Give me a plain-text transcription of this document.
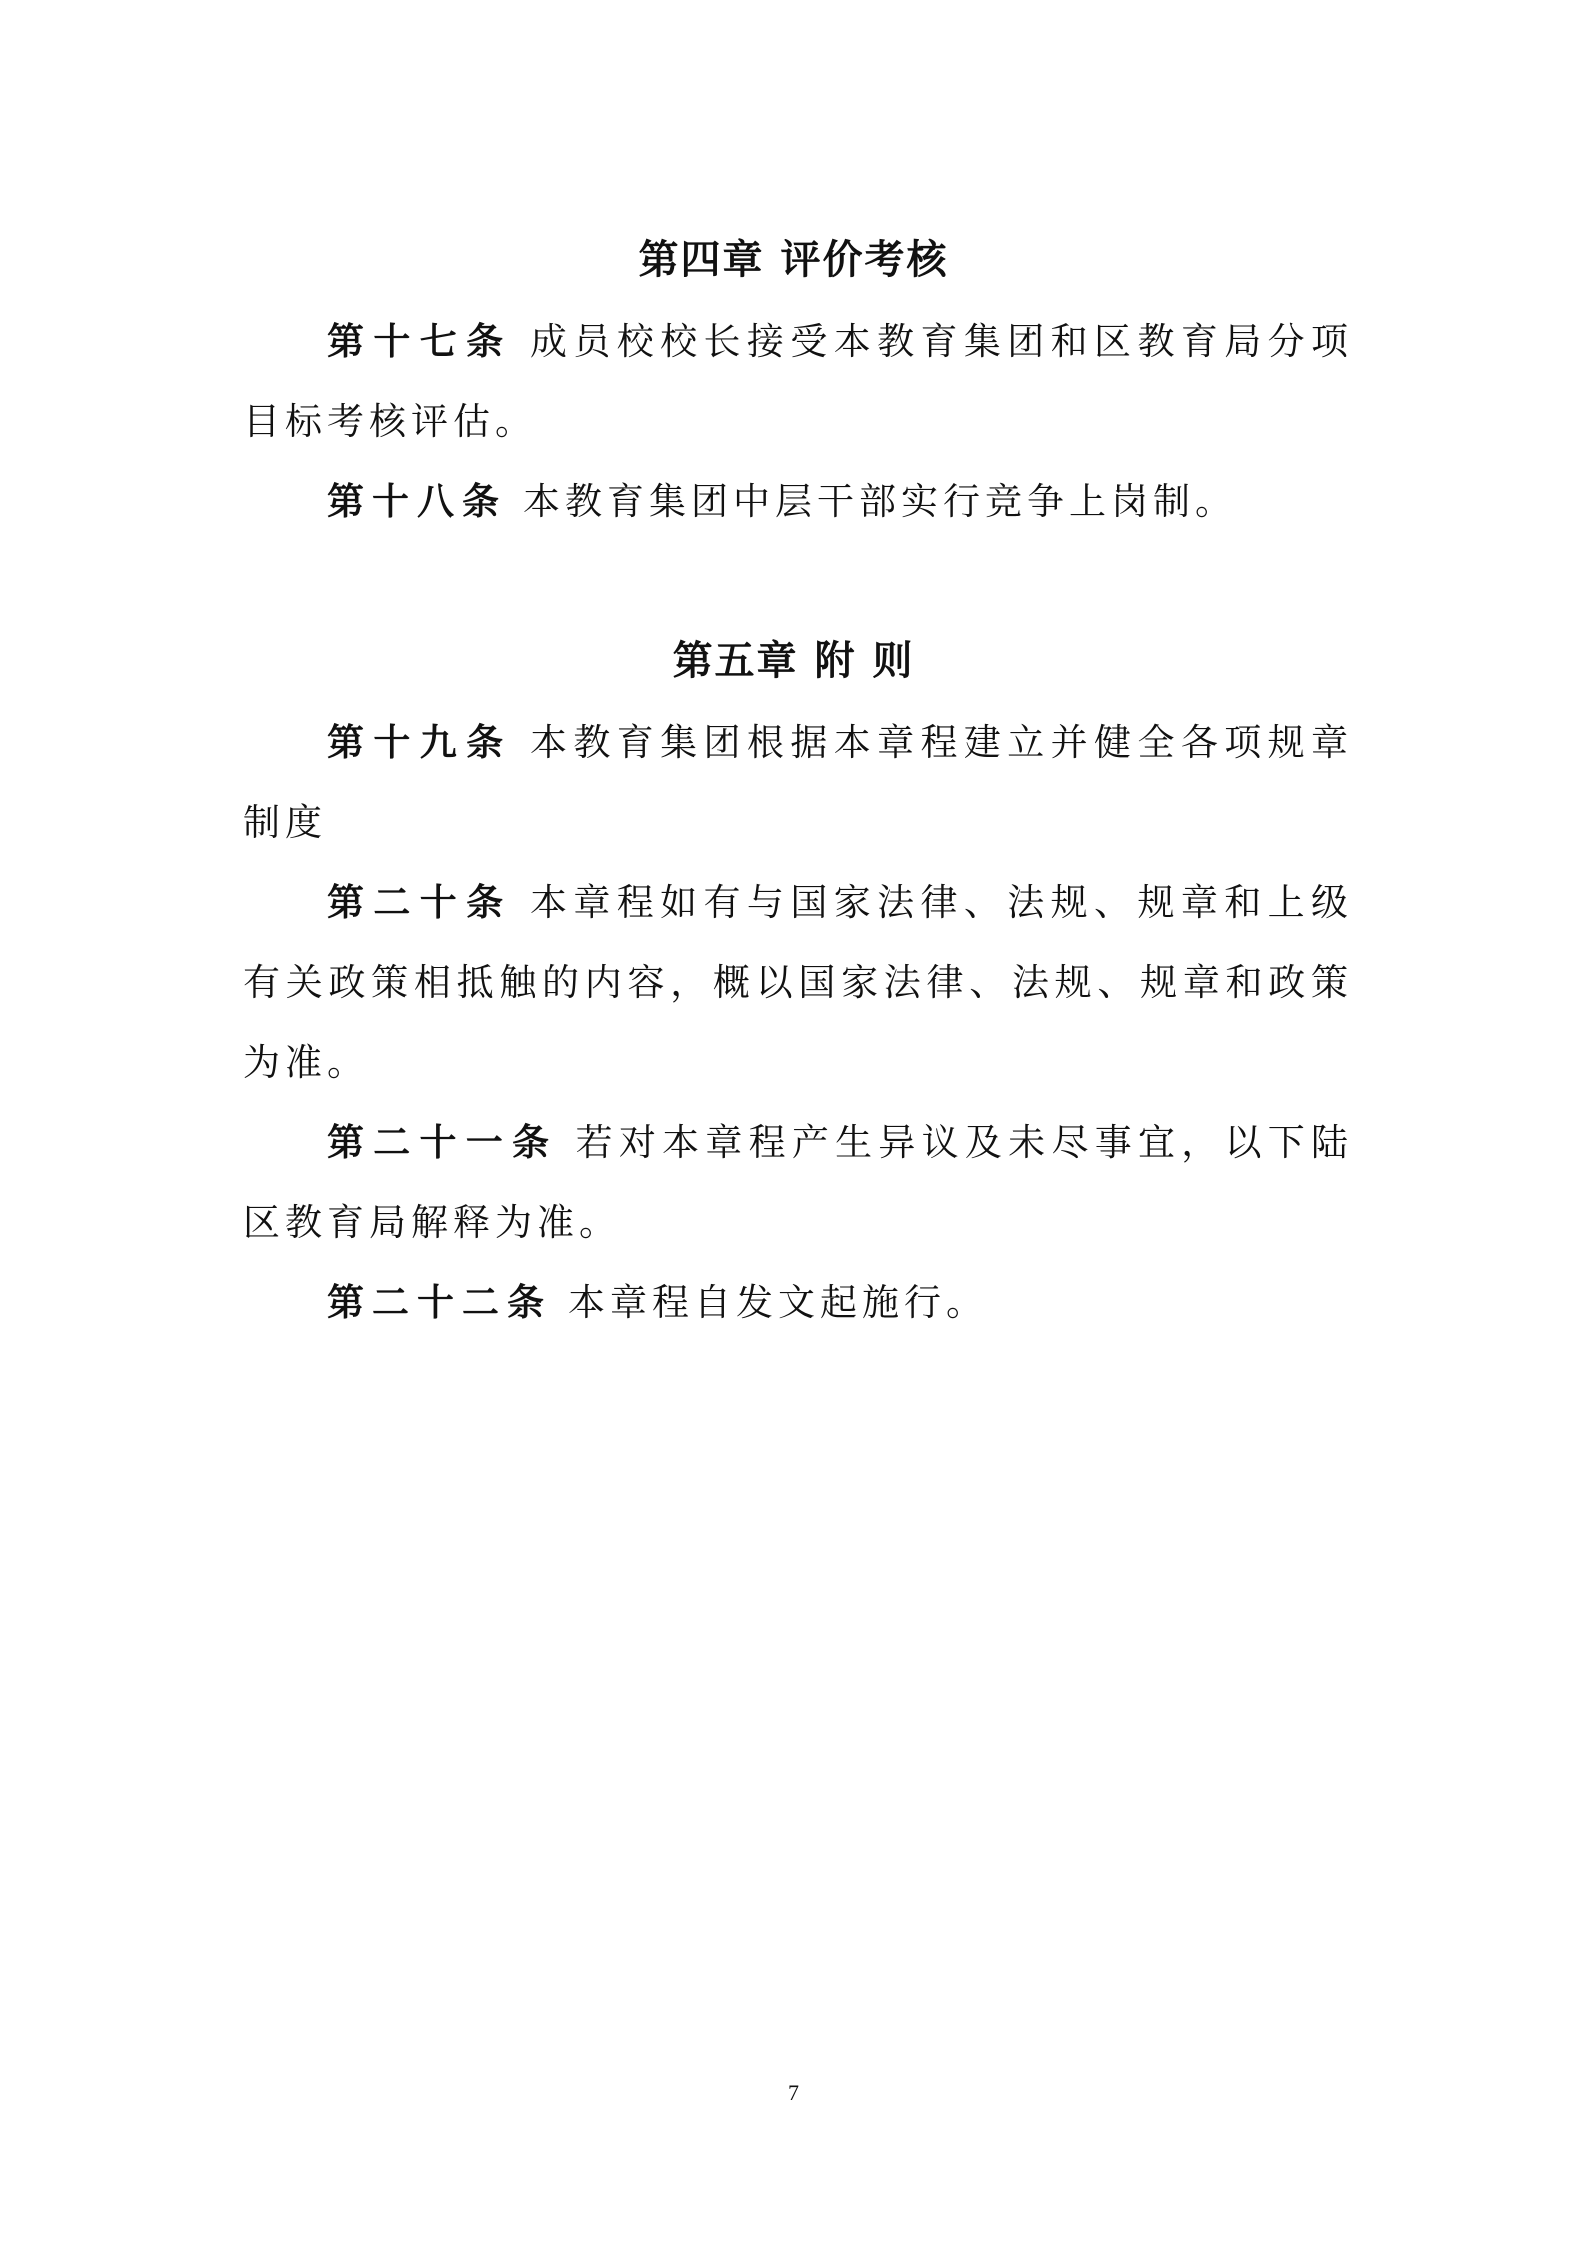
第四章 评价考核
第十七条 成员校校长接受本教育集团和区教育局分项目标考核评估。
第十八条 本教育集团中层干部实行竞争上岗制。
第五章 附 则
第十九条 本教育集团根据本章程建立并健全各项规章制度
第二十条 本章程如有与国家法律、法规、规章和上级有关政策相抵触的内容，概以国家法律、法规、规章和政策为准。
第二十一条 若对本章程产生异议及未尽事宜，以下陆区教育局解释为准。
第二十二条 本章程自发文起施行。
7
